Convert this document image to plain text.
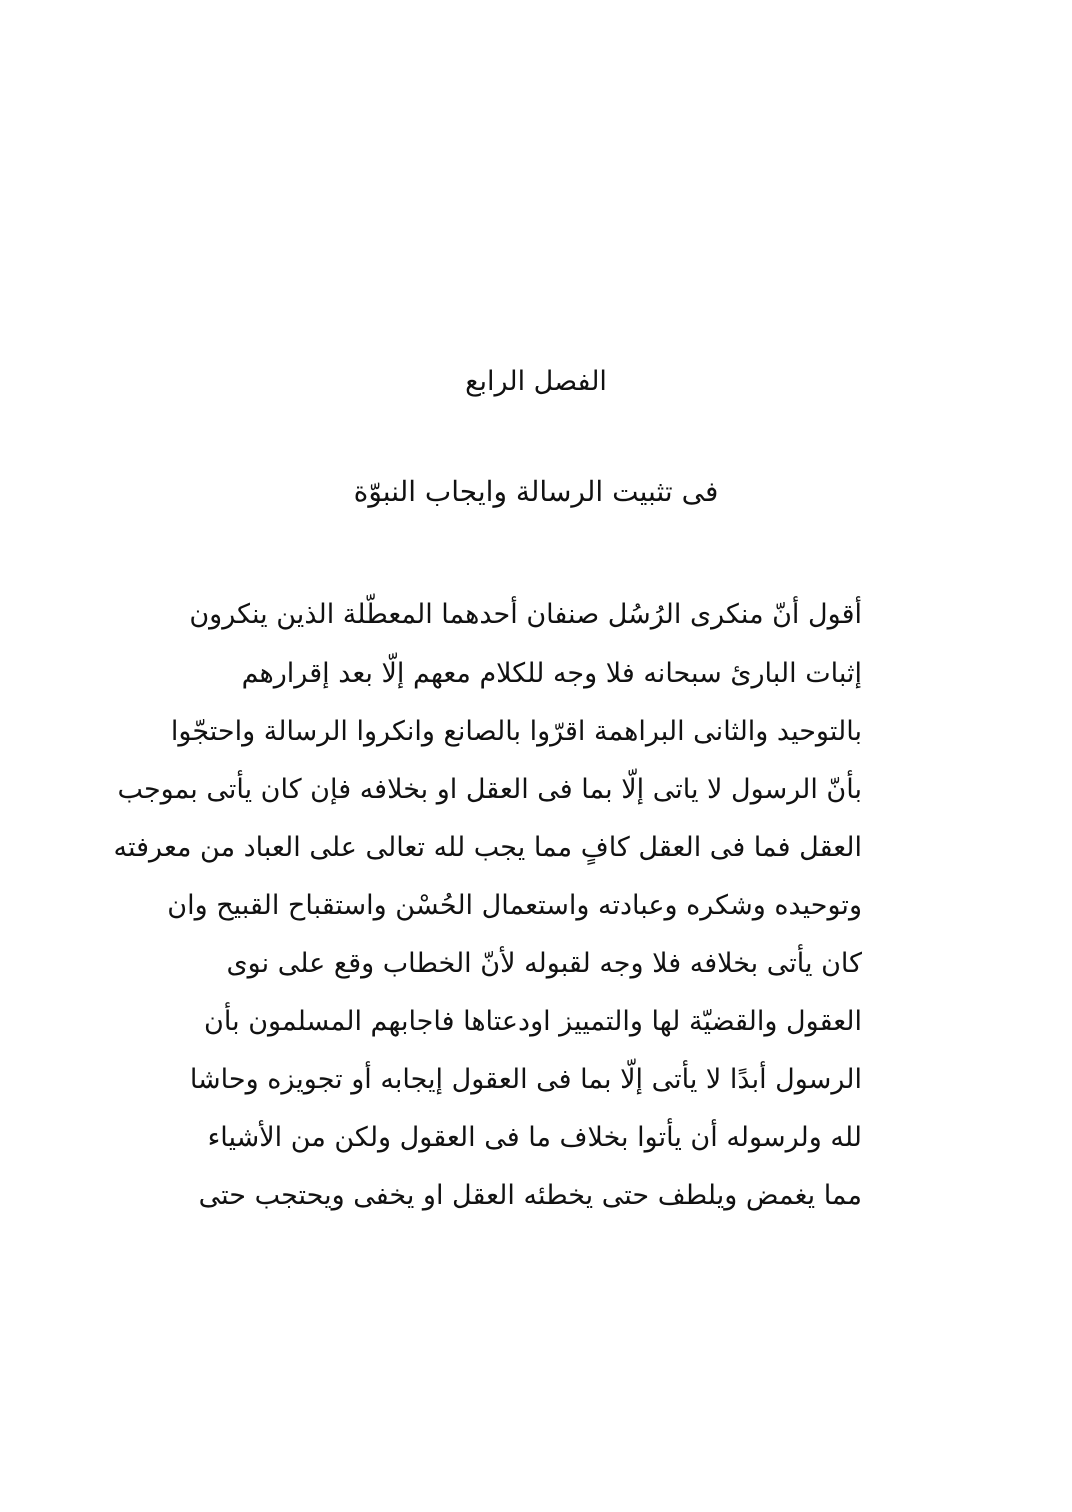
الفصل الرابع
فى تثبيت الرسالة وايجاب النبوّة
أقول أنّ منكرى الرُسُل صنفان أحدهما المعطّلة الذين ينكرون
إثبات البارئ سبحانه فلا وجه للكلام معهم إلّا بعد إقرارهم
بالتوحيد والثانى البراهمة اقرّوا بالصانع وانكروا الرسالة واحتجّوا
بأنّ الرسول لا ياتى إلّا بما فى العقل او بخلافه فإن كان يأتى بموجب
العقل فما فى العقل كافٍ مما يجب لله تعالى على العباد من معرفته
وتوحيده وشكره وعبادته واستعمال الحُسْن واستقباح القبيح وان
كان يأتى بخلافه فلا وجه لقبوله لأنّ الخطاب وقع على نوى
العقول والقضيّة لها والتمييز اودعتاها فاجابهم المسلمون بأن
الرسول أبدًا لا يأتى إلّا بما فى العقول إيجابه أو تجويزه وحاشا
لله ولرسوله أن يأتوا بخلاف ما فى العقول ولكن من الأشياء
مما يغمض ويلطف حتى يخطئه العقل او يخفى ويحتجب حتى
